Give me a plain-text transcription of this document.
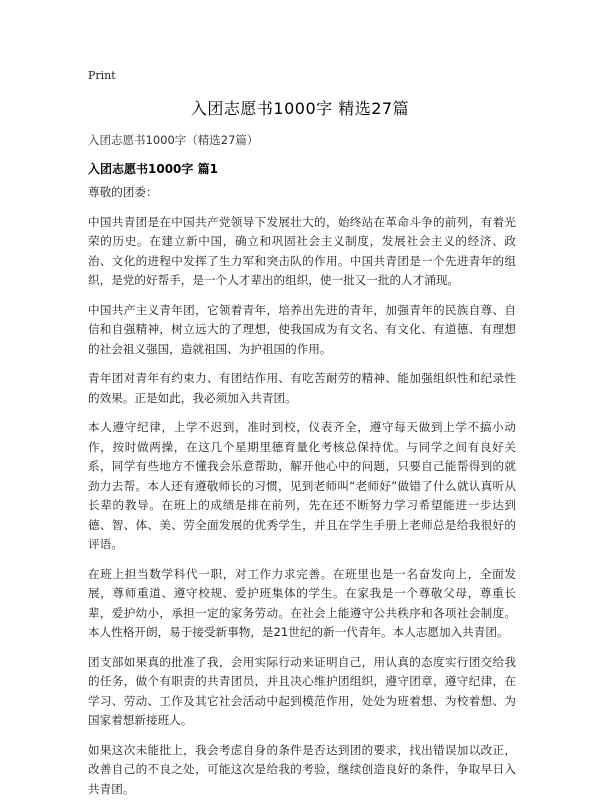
Print
入团志愿书1000字 精选27篇
入团志愿书1000字（精选27篇）
入团志愿书1000字 篇1

尊敬的团委：

中国共青团是在中国共产党领导下发展壮大的，始终站在革命斗争的前列，有着光荣的历史。在建立新中国，确立和巩固社会主义制度，发展社会主义的经济、政治、文化的进程中发挥了生力军和突击队的作用。中国共青团是一个先进青年的组织，是党的好帮手，是一个人才辈出的组织，使一批又一批的人才涌现。

中国共产主义青年团，它领着青年，培养出先进的青年，加强青年的民族自尊、自信和自强精神，树立远大的了理想，使我国成为有文名、有文化、有道德、有理想的社会祖义强国，造就祖国、为护祖国的作用。

青年团对青年有约束力、有团结作用、有吃苦耐劳的精神、能加强组织性和纪录性的效果。正是如此，我必须加入共青团。

本人遵守纪律，上学不迟到，准时到校，仪表齐全，遵守每天做到上学不搞小动作，按时做两操，在这几个星期里德育量化考核总保持优。与同学之间有良好关系，同学有些地方不懂我会乐意帮助，解开他心中的问题，只要自己能帮得到的就劲力去帮。本人还有遵敬师长的习惯，见到老师叫“老师好”做错了什么就认真听从长辈的教导。在班上的成绩是排在前列，先在还不断努力学习希望能进一步达到德、智、体、美、劳全面发展的优秀学生，并且在学生手册上老师总是给我很好的评语。

在班上担当数学科代一职，对工作力求完善。在班里也是一名奋发向上，全面发展，尊师重道、遵守校规、爱护班集体的学生。在家我是一个尊敬父母，尊重长辈，爱护幼小，承担一定的家务劳动。在社会上能遵守公共秩序和各项社会制度。本人性格开朗，易于接受新事物，是21世纪的新一代青年。本人志愿加入共青团。

团支部如果真的批准了我，会用实际行动来证明自己，用认真的态度实行团交给我的任务，做个有职责的共青团员，并且决心维护团组织，遵守团章，遵守纪律，在学习、劳动、工作及其它社会活动中起到模范作用，处处为班着想、为校着想、为国家着想新接班人。

如果这次未能批上，我会考虑自身的条件是否达到团的要求，找出错误加以改正，改善自己的不良之处，可能这次是给我的考验，继续创造良好的条件，争取早日入共青团。
